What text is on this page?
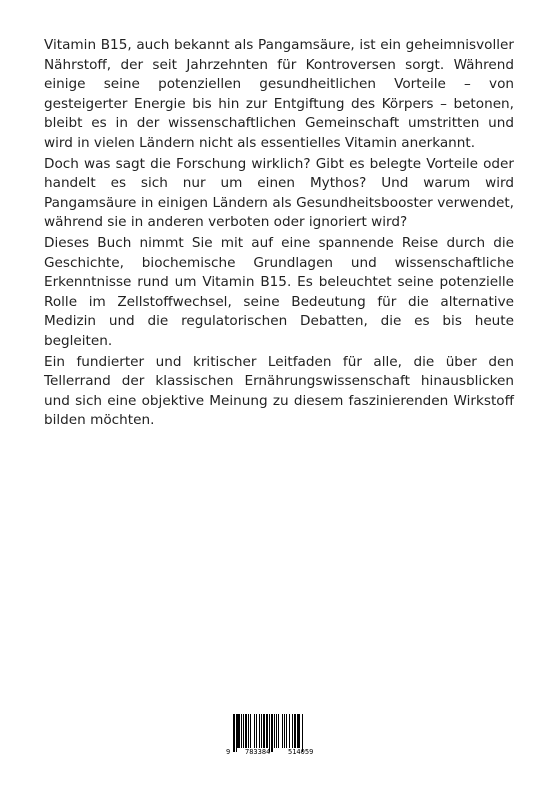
Vitamin B15, auch bekannt als Pangamsäure, ist ein geheimnisvoller Nährstoff, der seit Jahrzehnten für Kontroversen sorgt. Während einige seine potenziellen gesundheitlichen Vorteile – von gesteigerter Energie bis hin zur Entgiftung des Körpers – betonen, bleibt es in der wissenschaftlichen Gemeinschaft umstritten und wird in vielen Ländern nicht als essentielles Vitamin anerkannt.

Doch was sagt die Forschung wirklich? Gibt es belegte Vorteile oder handelt es sich nur um einen Mythos? Und warum wird Pangamsäure in einigen Ländern als Gesundheitsbooster verwendet, während sie in anderen verboten oder ignoriert wird?

Dieses Buch nimmt Sie mit auf eine spannende Reise durch die Geschichte, biochemische Grundlagen und wissenschaftliche Erkenntnisse rund um Vitamin B15. Es beleuchtet seine potenzielle Rolle im Zellstoffwechsel, seine Bedeutung für die alternative Medizin und die regulatorischen Debatten, die es bis heute begleiten.

Ein fundierter und kritischer Leitfaden für alle, die über den Tellerrand der klassischen Ernährungswissenschaft hinausblicken und sich eine objektive Meinung zu diesem faszinierenden Wirkstoff bilden möchten.

9 783384	514059
